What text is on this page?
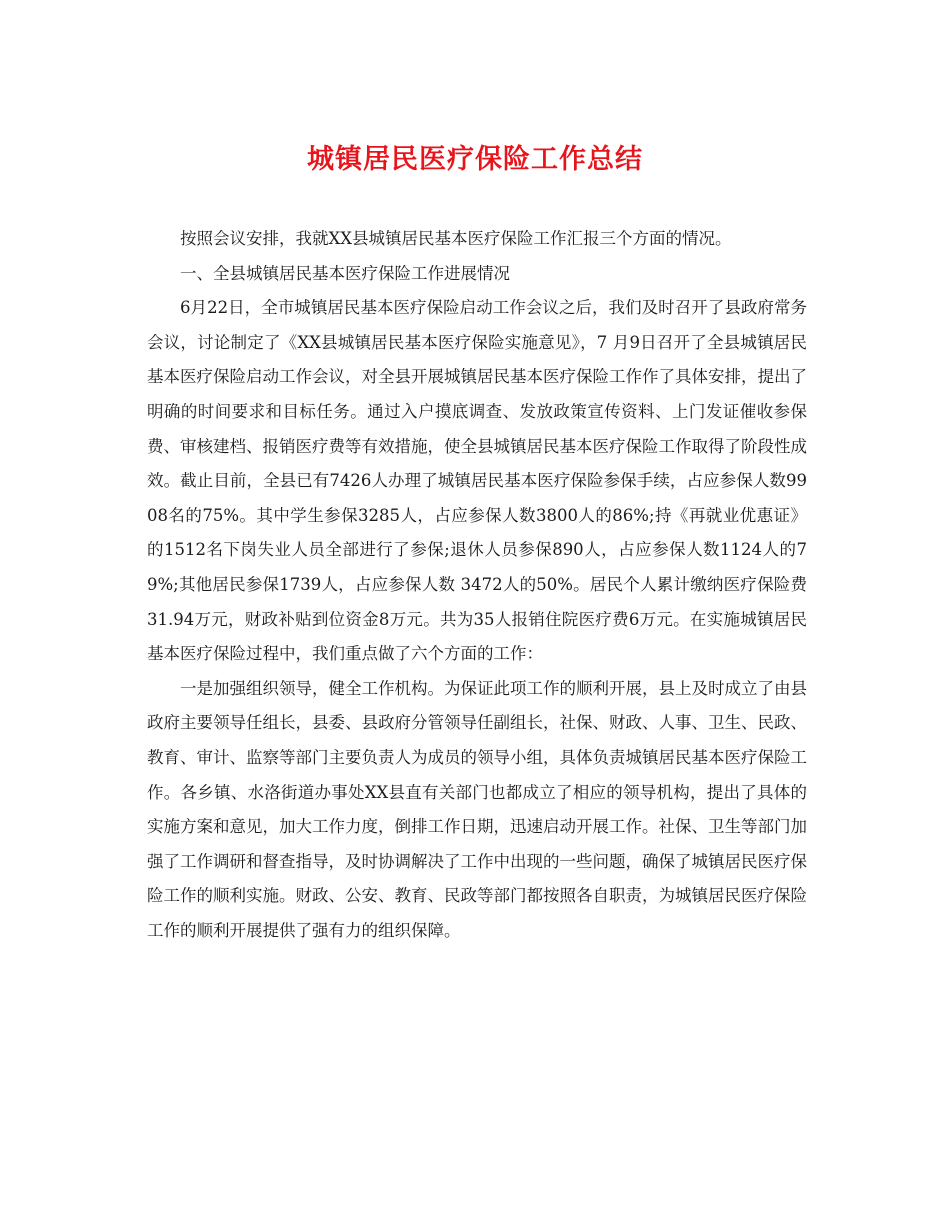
城镇居民医疗保险工作总结

按照会议安排，我就XX县城镇居民基本医疗保险工作汇报三个方面的情况。

一、全县城镇居民基本医疗保险工作进展情况

6月22日，全市城镇居民基本医疗保险启动工作会议之后，我们及时召开了县政府常务会议，讨论制定了《XX县城镇居民基本医疗保险实施意见》，7 月9日召开了全县城镇居民基本医疗保险启动工作会议，对全县开展城镇居民基本医疗保险工作作了具体安排，提出了明确的时间要求和目标任务。通过入户摸底调查、发放政策宣传资料、上门发证催收参保费、审核建档、报销医疗费等有效措施，使全县城镇居民基本医疗保险工作取得了阶段性成效。截止目前，全县已有7426人办理了城镇居民基本医疗保险参保手续，占应参保人数9908名的75%。其中学生参保3285人，占应参保人数3800人的86%;持《再就业优惠证》的1512名下岗失业人员全部进行了参保;退休人员参保890人，占应参保人数1124人的79%;其他居民参保1739人，占应参保人数 3472人的50%。居民个人累计缴纳医疗保险费31.94万元，财政补贴到位资金8万元。共为35人报销住院医疗费6万元。在实施城镇居民基本医疗保险过程中，我们重点做了六个方面的工作：

一是加强组织领导，健全工作机构。为保证此项工作的顺利开展，县上及时成立了由县政府主要领导任组长，县委、县政府分管领导任副组长，社保、财政、人事、卫生、民政、教育、审计、监察等部门主要负责人为成员的领导小组，具体负责城镇居民基本医疗保险工作。各乡镇、水洛街道办事处XX县直有关部门也都成立了相应的领导机构，提出了具体的实施方案和意见，加大工作力度，倒排工作日期，迅速启动开展工作。社保、卫生等部门加强了工作调研和督查指导，及时协调解决了工作中出现的一些问题，确保了城镇居民医疗保险工作的顺利实施。财政、公安、教育、民政等部门都按照各自职责，为城镇居民医疗保险工作的顺利开展提供了强有力的组织保障。
